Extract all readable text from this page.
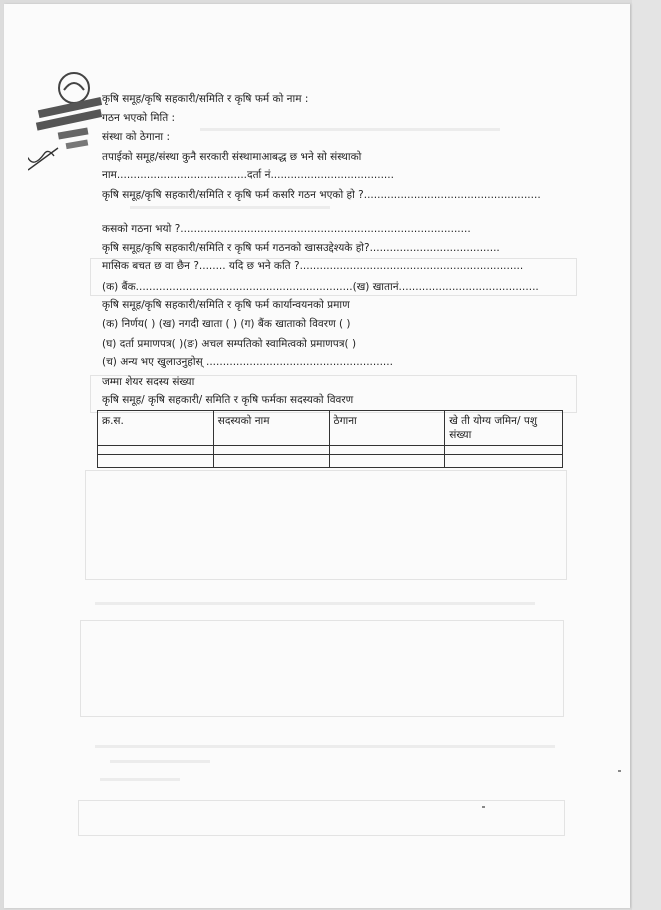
कृषि समूह/कृषि सहकारी/समिति र कृषि फर्म को नाम :
गठन भएको मिति :
संस्था को ठेगाना :
तपाईको समूह/संस्था कुनै सरकारी संस्थामाआबद्ध छ भने सो संस्थाको
नाम.......................................दर्ता नं.....................................
कृषि समूह/कृषि सहकारी/समिति र कृषि फर्म कसरि गठन भएको हो ?.....................................................
कसको गठना भयो ?.......................................................................................
कृषि समूह/कृषि सहकारी/समिति र कृषि फर्म गठनको खासउद्देश्यके हो?.......................................
मासिक बचत छ वा छैन ?........ यदि छ भने कति ?...................................................................
(क) बैंक.................................................................(ख) खातानं..........................................
कृषि समूह/कृषि सहकारी/समिति र कृषि फर्म कार्यान्वयनको प्रमाण
(क) निर्णय( ) (ख) नगदी खाता ( ) (ग) बैंक खाताको विवरण ( )
(घ) दर्ता प्रमाणपत्र( )(ङ) अचल सम्पतिको स्वामित्वको प्रमाणपत्र( )
(च) अन्य भए खुलाउनुहोस् ........................................................
जम्मा शेयर सदस्य संख्या
कृषि समूह/ कृषि सहकारी/ समिति र कृषि फर्मका सदस्यको विवरण
क्र.स.	सदस्यको नाम	ठेगाना	खे ती योग्य जमिन/ पशु संख्या
